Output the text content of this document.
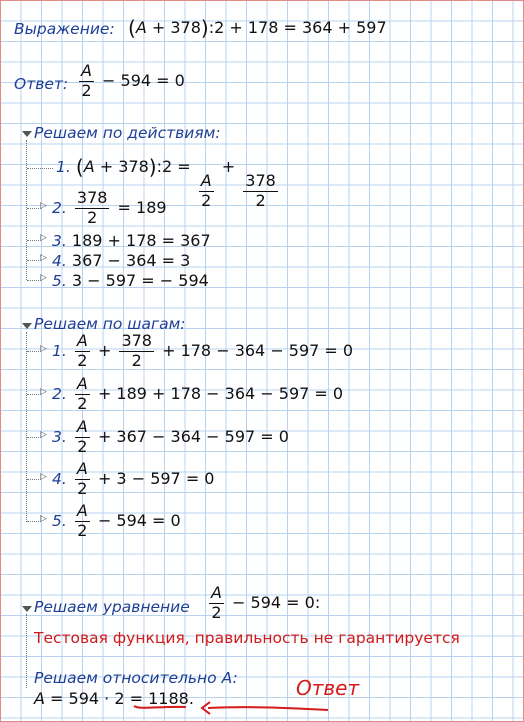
Выражение: (A + 378):2 + 178 = 364 + 597
Ответ: $\frac{A}{2} - 594 = 0$
Решаем по действиям:
1. (A + 378):2 =
$\frac{A}{2}$
+
$\frac{378}{2}$
▷ 2. $\frac{378}{2} = 189$
▷ 3. 189 + 178 = 367
▷ 4. 367 − 364 = 3
▷ 5. 3 − 597 = − 594
Решаем по шагам:
▷ 1. $\frac{A}{2} + \frac{378}{2} + 178 - 364 - 597 = 0$
▷ 2. $\frac{A}{2} + 189 + 178 - 364 - 597 = 0$
▷ 3. $\frac{A}{2} + 367 - 364 - 597 = 0$
▷ 4. $\frac{A}{2} + 3 - 597 = 0$
▷ 5. $\frac{A}{2} - 594 = 0$
Решаем уравнение $\frac{A}{2} - 594 = 0$:
Тестовая функция, правильность не гарантируется
Решаем относительно A:
A = 594 · 2 = 1188.	Ответ
